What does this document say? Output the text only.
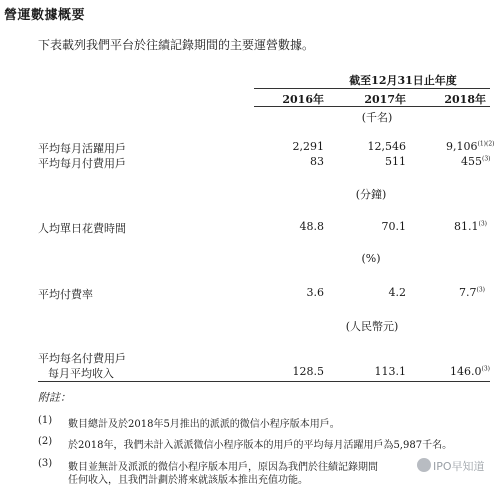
營運數據概要
下表載列我們平台於往績記錄期間的主要運營數據。
截至12月31日止年度
2016年	2017年	2018年
(千名)
平均每月活躍用戶	2,291	12,546	$9,106^{(1)(2)}$
平均每月付費用戶	83	511	455$^{(3)}$
(分鐘)
人均單日花費時間	48.8	70.1	81.1$^{(3)}$
(%)
平均付費率	3.6	4.2	7.7$^{(3)}$
(人民幣元)
平均每名付費用戶
每月平均收入	128.5	113.1	146.0$^{(3)}$
附註：
(1) 數目總計及於2018年5月推出的派派的微信小程序版本用戶。
(2) 於2018年，我們未計入派派微信小程序版本的用戶的平均每月活躍用戶為5,987千名。
(3) 數目並無計及派派的微信小程序版本用戶，原因為我們於往績記錄期間
任何收入，且我們計劃於將來就該版本推出充值功能。
IPO早知道
